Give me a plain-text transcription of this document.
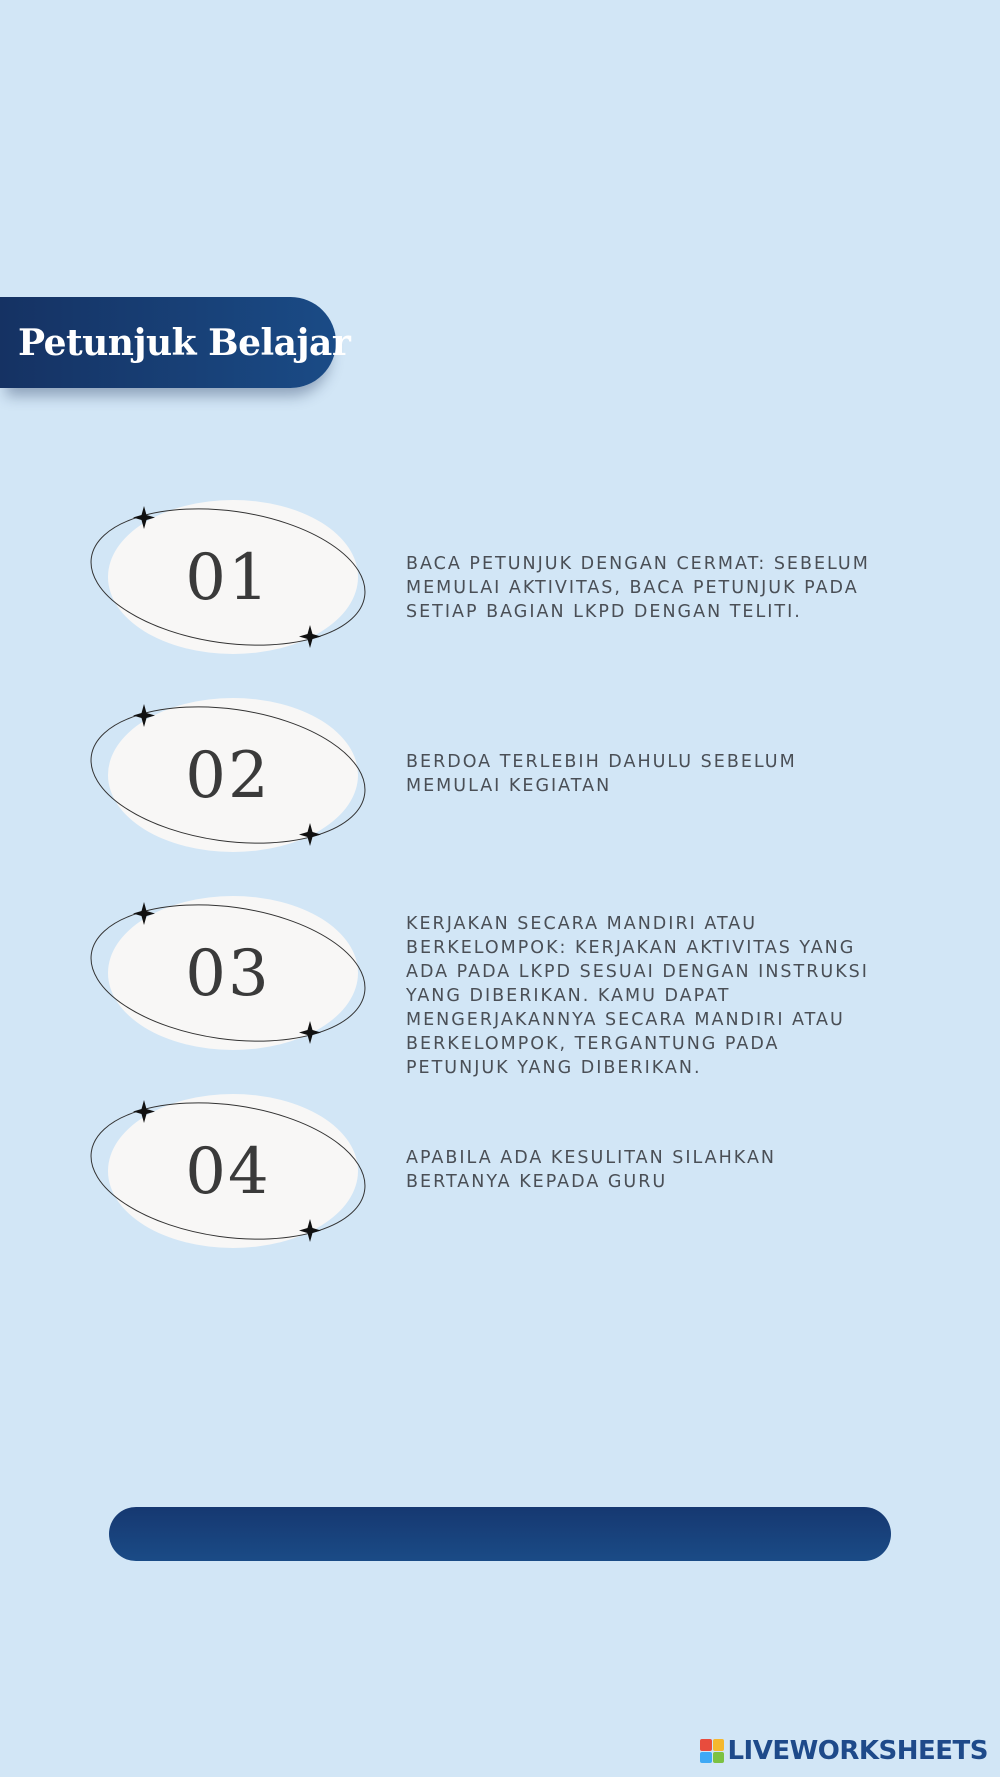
Petunjuk Belajar
01	BACA PETUNJUK DENGAN CERMAT: SEBELUM
MEMULAI AKTIVITAS, BACA PETUNJUK PADA
SETIAP BAGIAN LKPD DENGAN TELITI.

02	BERDOA TERLEBIH DAHULU SEBELUM
MEMULAI KEGIATAN

03

KERJAKAN SECARA MANDIRI ATAU
BERKELOMPOK: KERJAKAN AKTIVITAS YANG
ADA PADA LKPD SESUAI DENGAN INSTRUKSI
YANG DIBERIKAN. KAMU DAPAT
MENGERJAKANNYA SECARA MANDIRI ATAU
BERKELOMPOK, TERGANTUNG PADA
PETUNJUK YANG DIBERIKAN.

04	APABILA ADA KESULITAN SILAHKAN
BERTANYA KEPADA GURU

LIVEWORKSHEETS
